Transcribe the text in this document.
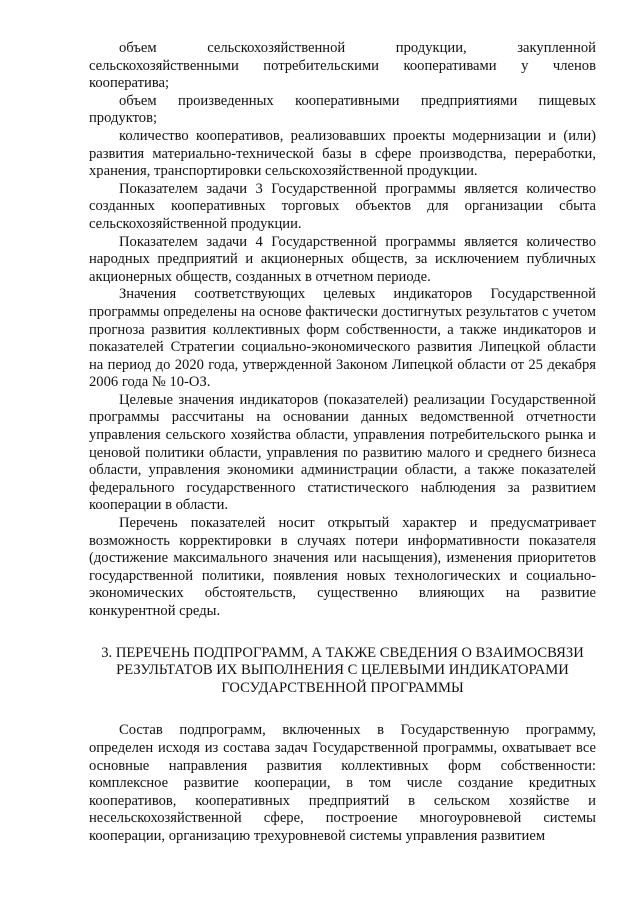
объем сельскохозяйственной продукции, закупленной сельскохозяйственными потребительскими кооперативами у членов кооператива;

объем произведенных кооперативными предприятиями пищевых продуктов;

количество кооперативов, реализовавших проекты модернизации и (или) развития материально-технической базы в сфере производства, переработки, хранения, транспортировки сельскохозяйственной продукции.

Показателем задачи 3 Государственной программы является количество созданных кооперативных торговых объектов для организации сбыта сельскохозяйственной продукции.

Показателем задачи 4 Государственной программы является количество народных предприятий и акционерных обществ, за исключением публичных акционерных обществ, созданных в отчетном периоде.

Значения соответствующих целевых индикаторов Государственной программы определены на основе фактически достигнутых результатов с учетом прогноза развития коллективных форм собственности, а также индикаторов и показателей Стратегии социально-экономического развития Липецкой области на период до 2020 года, утвержденной Законом Липецкой области от 25 декабря 2006 года № 10-ОЗ.

Целевые значения индикаторов (показателей) реализации Государственной программы рассчитаны на основании данных ведомственной отчетности управления сельского хозяйства области, управления потребительского рынка и ценовой политики области, управления по развитию малого и среднего бизнеса области, управления экономики администрации области, а также показателей федерального государственного статистического наблюдения за развитием кооперации в области.

Перечень показателей носит открытый характер и предусматривает возможность корректировки в случаях потери информативности показателя (достижение максимального значения или насыщения), изменения приоритетов государственной политики, появления новых технологических и социально-экономических обстоятельств, существенно влияющих на развитие конкурентной среды.

3. ПЕРЕЧЕНЬ ПОДПРОГРАММ, А ТАКЖЕ СВЕДЕНИЯ О ВЗАИМОСВЯЗИ РЕЗУЛЬТАТОВ ИХ ВЫПОЛНЕНИЯ С ЦЕЛЕВЫМИ ИНДИКАТОРАМИ ГОСУДАРСТВЕННОЙ ПРОГРАММЫ

Состав подпрограмм, включенных в Государственную программу, определен исходя из состава задач Государственной программы, охватывает все основные направления развития коллективных форм собственности: комплексное развитие кооперации, в том числе создание кредитных кооперативов, кооперативных предприятий в сельском хозяйстве и несельскохозяйственной сфере, построение многоуровневой системы кооперации, организацию трехуровневой системы управления развитием
